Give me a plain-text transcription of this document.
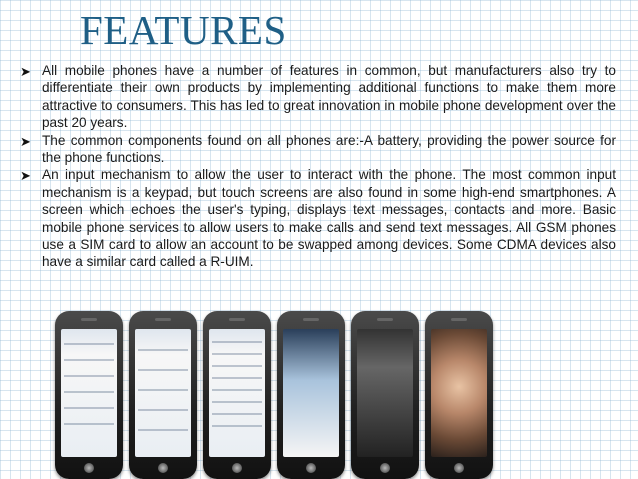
FEATURES
➤ All mobile phones have a number of features in common, but manufacturers also try to differentiate their own products by implementing additional functions to make them more attractive to consumers. This has led to great innovation in mobile phone development over the past 20 years.
➤ The common components found on all phones are:-A battery, providing the power source for the phone functions.
➤ An input mechanism to allow the user to interact with the phone. The most common input mechanism is a keypad, but touch screens are also found in some high-end smartphones. A screen which echoes the user's typing, displays text messages, contacts and more. Basic mobile phone services to allow users to make calls and send text messages. All GSM phones use a SIM card to allow an account to be swapped among devices. Some CDMA devices also have a similar card called a R-UIM.
